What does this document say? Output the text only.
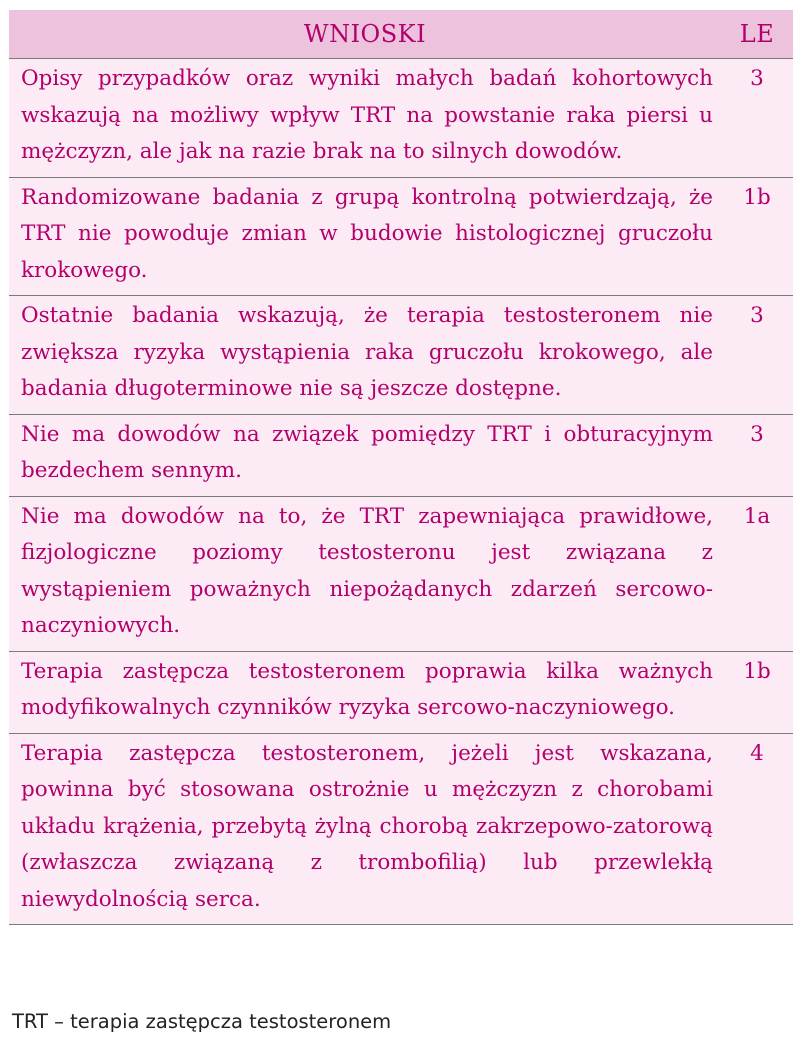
WNIOSKI	LE
Opisy przypadków oraz wyniki małych badań kohortowych wskazują na możliwy wpływ TRT na powstanie raka piersi u mężczyzn, ale jak na razie brak na to silnych dowodów.	3
Randomizowane badania z grupą kontrolną potwierdzają, że TRT nie powoduje zmian w budowie histologicznej gruczołu krokowego.	1b
Ostatnie badania wskazują, że terapia testosteronem nie zwiększa ryzyka wystąpienia raka gruczołu krokowego, ale badania długoterminowe nie są jeszcze dostępne.	3
Nie ma dowodów na związek pomiędzy TRT i obturacyjnym bezdechem sennym.	3
Nie ma dowodów na to, że TRT zapewniająca prawidłowe, fizjologiczne poziomy testosteronu jest związana z wystąpieniem poważnych niepożądanych zdarzeń sercowo-naczyniowych.	1a
Terapia zastępcza testosteronem poprawia kilka ważnych modyfikowalnych czynników ryzyka sercowo-naczyniowego.	1b
Terapia zastępcza testosteronem, jeżeli jest wskazana, powinna być stosowana ostrożnie u mężczyzn z chorobami układu krążenia, przebytą żylną chorobą zakrzepowo-zatorową (zwłaszcza związaną z trombofilią) lub przewlekłą niewydolnością serca.	4
TRT – terapia zastępcza testosteronem
